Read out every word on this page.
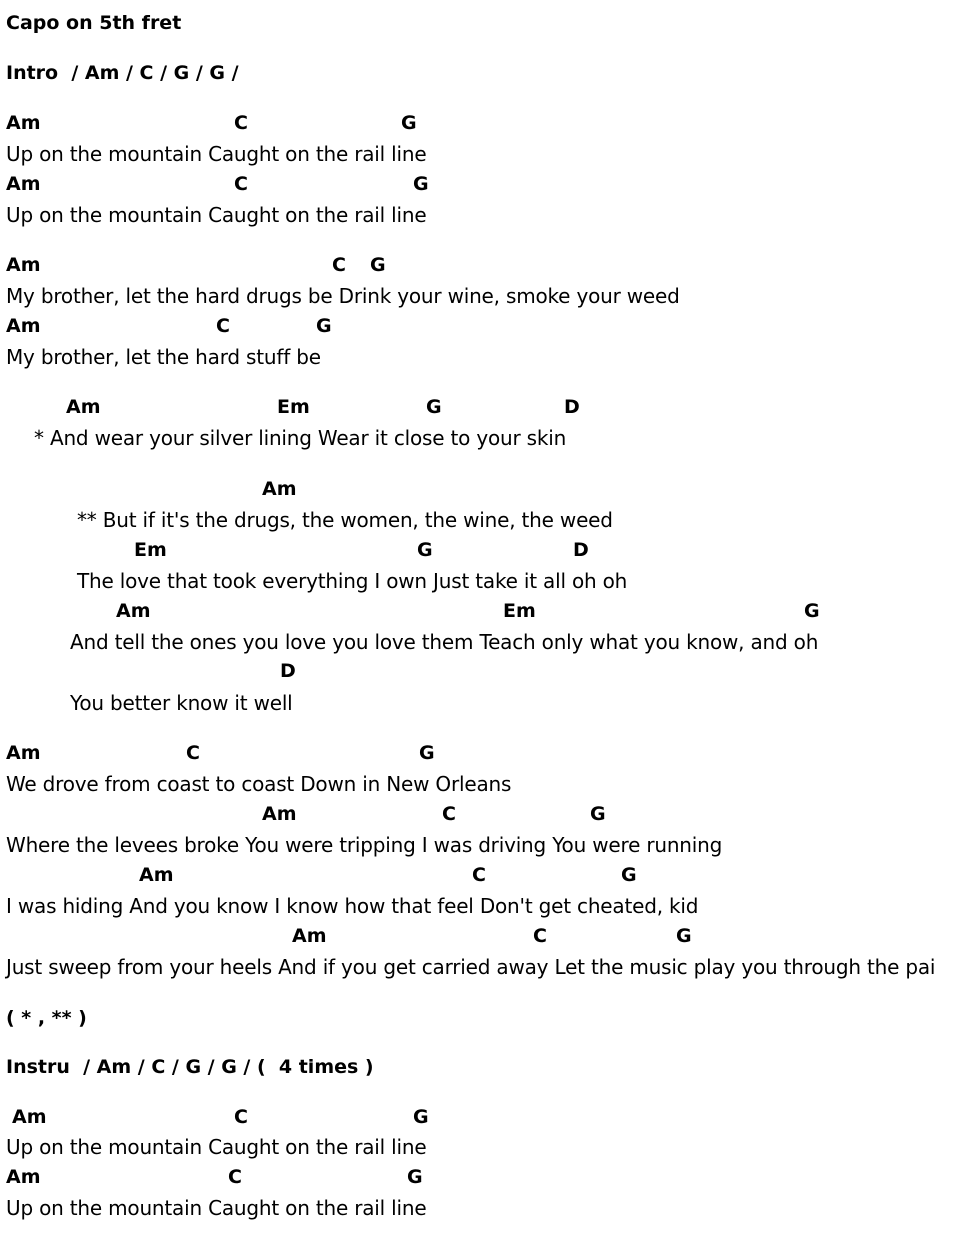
Capo on 5th fret
Intro  / Am / C / G / G /
Am	C	G
Up on the mountain Caught on the rail line
Am	C	G
Up on the mountain Caught on the rail line
Am	C G
My brother, let the hard drugs be Drink your wine, smoke your weed
Am	C	G
My brother, let the hard stuff be
Am	Em	G	D
* And wear your silver lining Wear it close to your skin
Am
** But if it's the drugs, the women, the wine, the weed
Em	G	D
The love that took everything I own Just take it all oh oh
Am	Em	G
And tell the ones you love you love them Teach only what you know, and oh
D
You better know it well
Am	C	G
We drove from coast to coast Down in New Orleans
Am	C	G
Where the levees broke You were tripping I was driving You were running
Am	C	G
I was hiding And you know I know how that feel Don't get cheated, kid
Am	C	G
Just sweep from your heels And if you get carried away Let the music play you through the pai
( * , ** )
Instru  / Am / C / G / G / (  4 times )
Am	C	G
Up on the mountain Caught on the rail line
Am	C	G
Up on the mountain Caught on the rail line
